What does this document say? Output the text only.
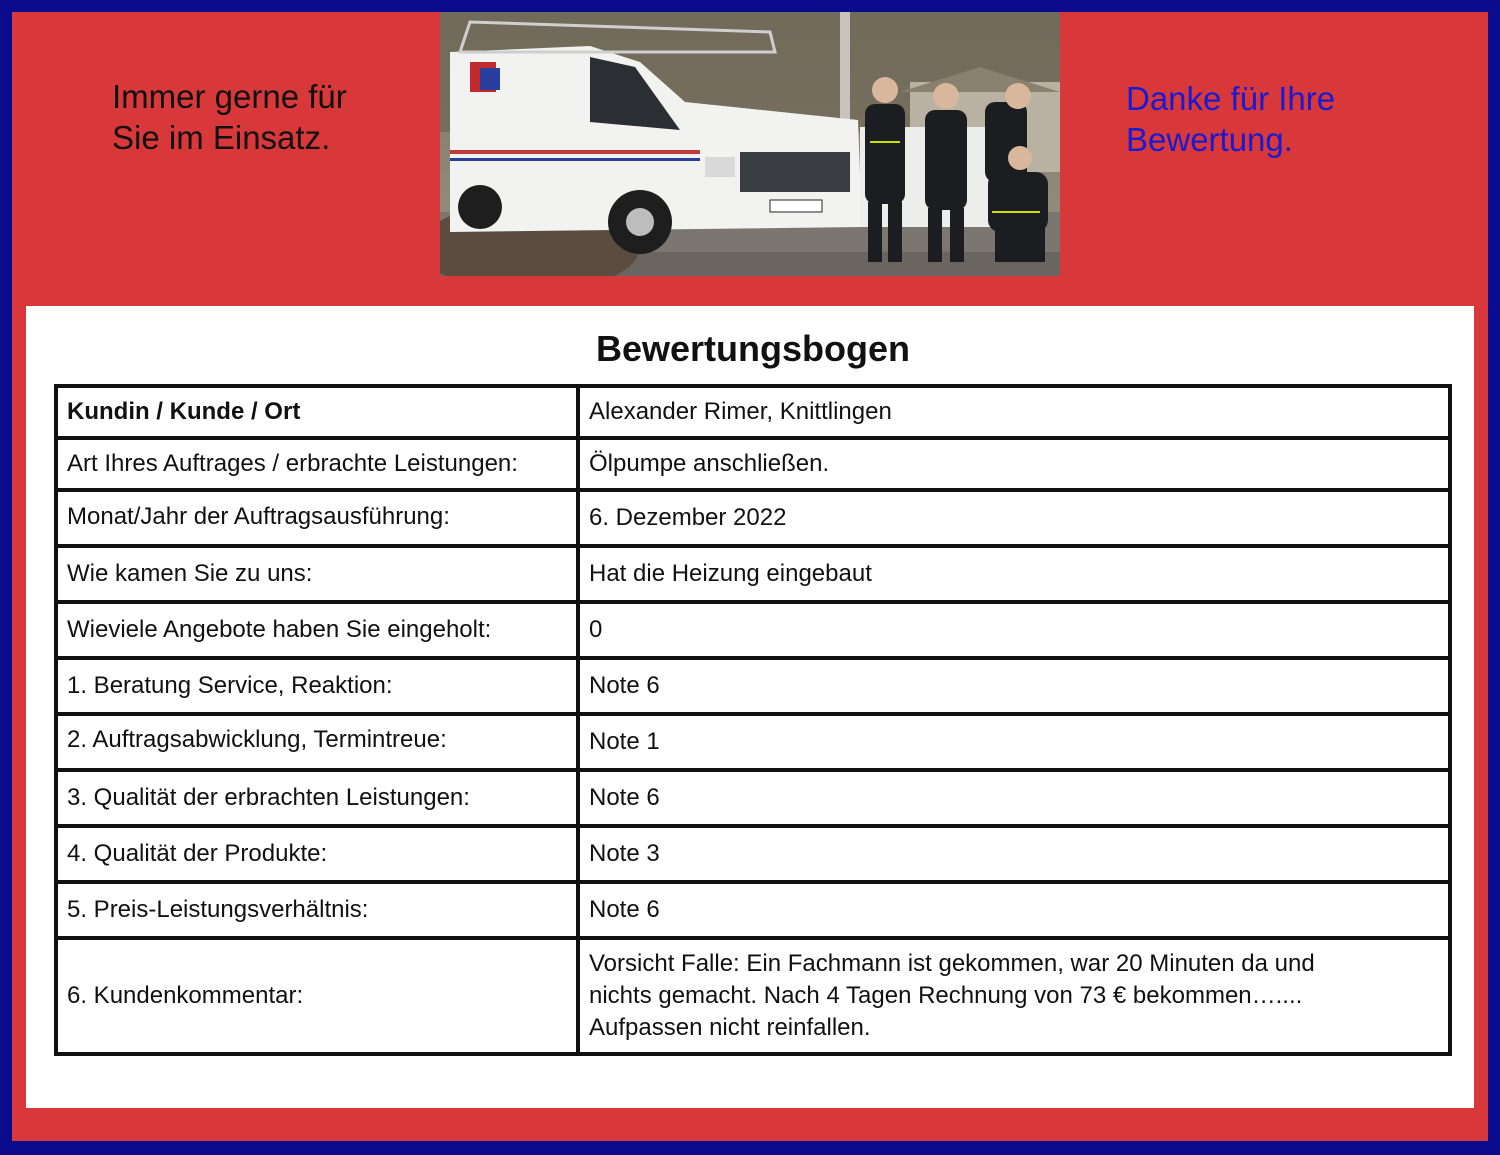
Immer gerne für
Sie im Einsatz.

Danke für Ihre
Bewertung.

Bewertungsbogen

Kundin / Kunde / Ort	Alexander Rimer, Knittlingen
Art Ihres Auftrages / erbrachte Leistungen:	Ölpumpe anschließen.
Monat/Jahr der Auftragsausführung:	6. Dezember 2022
Wie kamen Sie zu uns:	Hat die Heizung eingebaut
Wieviele Angebote haben Sie eingeholt:	0
1. Beratung Service, Reaktion:	Note 6
2. Auftragsabwicklung, Termintreue:	Note 1
3. Qualität der erbrachten Leistungen:	Note 6
4. Qualität der Produkte:	Note 3
5. Preis-Leistungsverhältnis:	Note 6
6. Kundenkommentar:	Vorsicht Falle: Ein Fachmann ist gekommen, war 20 Minuten da und
nichts gemacht. Nach 4 Tagen Rechnung von 73 € bekommen…....
Aufpassen nicht reinfallen.
